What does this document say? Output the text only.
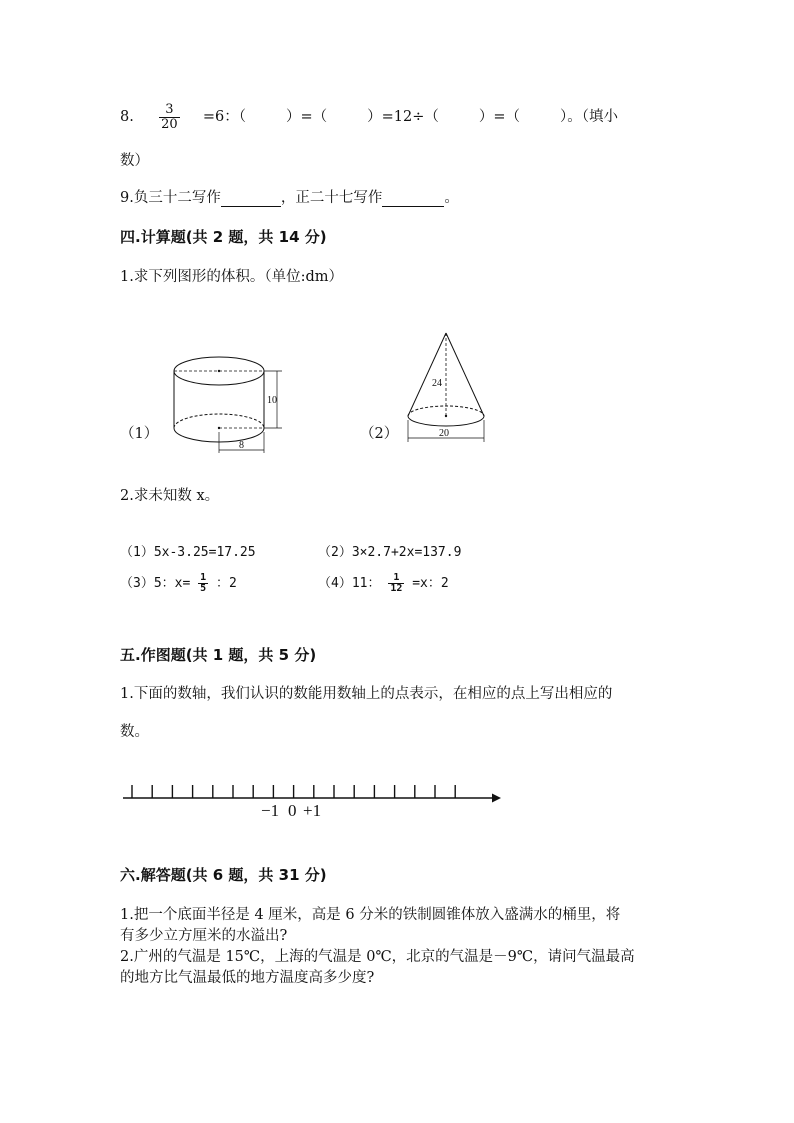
8. $\frac{3}{20} =6$：（	）=（	）=12÷（	）=（	）。（填小
数）
9.负三十二写作	，正二十七写作	。
四.计算题(共 2 题，共 14 分)
1.求下列图形的体积。（单位:dm）
（1）	（2）
10
8
24
20
2.求未知数 x。
（1）5x-3.25=17.25	（2）3×2.7+2x=137.9
（3）5：$x= \frac{1}{5}$ ：2	（4）11： $\frac{1}{12} =x$：2
五.作图题(共 1 题，共 5 分)
1.下面的数轴，我们认识的数能用数轴上的点表示，在相应的点上写出相应的
数。
−1 0 +1
六.解答题(共 6 题，共 31 分)
1.把一个底面半径是 4 厘米，高是 6 分米的铁制圆锥体放入盛满水的桶里，将
有多少立方厘米的水溢出?
2.广州的气温是 15℃，上海的气温是 0℃，北京的气温是－9℃，请问气温最高
的地方比气温最低的地方温度高多少度?
